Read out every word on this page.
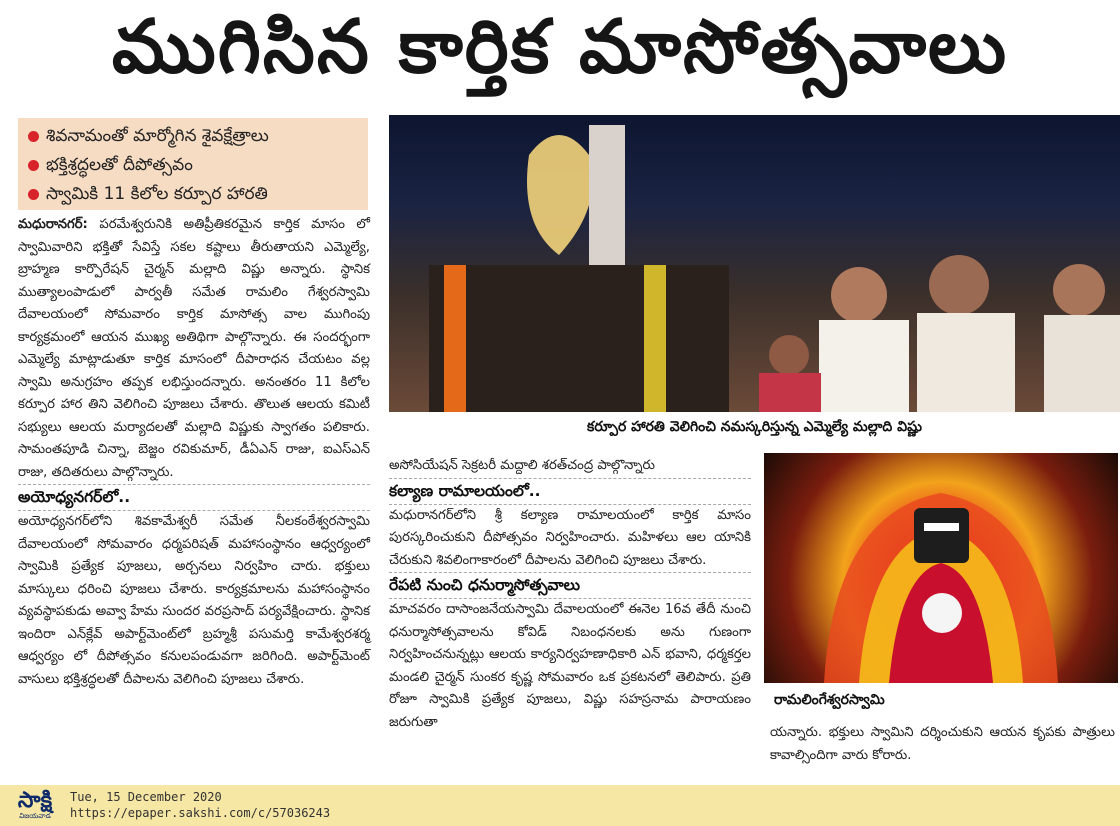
ముగిసిన కార్తిక మాసోత్సవాలు
శివనామంతో మార్మోగిన శైవక్షేత్రాలు
భక్తిశ్రద్ధలతో దీపోత్సవం
స్వామికి 11 కిలోల కర్పూర హారతి
మధురానగర్: పరమేశ్వరునికి అతిప్రీతికరమైన కార్తిక మాసం లో స్వామివారిని భక్తితో సేవిస్తే సకల కష్టాలు తీరుతాయని ఎమ్మెల్యే, బ్రాహ్మణ కార్పొరేషన్ చైర్మన్ మల్లాది విష్ణు అన్నారు. స్థానిక ముత్యాలంపాడులో పార్వతీ సమేత రామలిం గేశ్వరస్వామి దేవాలయంలో సోమవారం కార్తిక మాసోత్స వాల ముగింపు కార్యక్రమంలో ఆయన ముఖ్య అతిథిగా పాల్గొన్నారు. ఈ సందర్భంగా ఎమ్మెల్యే మాట్లాడుతూ కార్తిక మాసంలో దీపారాధన చేయటం వల్ల స్వామి అనుగ్రహం తప్పక లభిస్తుందన్నారు. అనంతరం 11 కిలోల కర్పూర హార తిని వెలిగించి పూజలు చేశారు. తొలుత ఆలయ కమిటీ సభ్యులు ఆలయ మర్యాదలతో మల్లాది విష్ణుకు స్వాగతం పలికారు. సామంతపూడి చిన్నా, బెజ్జం రవికుమార్, డీఏఎన్ రాజు, ఐఎస్ఎన్ రాజు, తదితరులు పాల్గొన్నారు.
అయోధ్యనగర్‌లో..
అయోధ్యనగర్‌లోని శివకామేశ్వరీ సమేత నీలకంఠేశ్వరస్వామి దేవాలయంలో సోమవారం ధర్మపరిషత్ మహాసంస్థానం ఆధ్వర్యంలో స్వామికి ప్రత్యేక పూజలు, అర్చనలు నిర్వహిం చారు. భక్తులు మాస్కులు ధరించి పూజలు చేశారు. కార్యక్రమాలను మహాసంస్థానం వ్యవస్థాపకుడు అవ్వా హేమ సుందర వరప్రసాద్ పర్యవేక్షించారు. స్థానిక ఇందిరా ఎన్‌క్లేవ్ అపార్ట్‌మెంట్‌లో బ్రహ్మశ్రీ పసుమర్తి కామేశ్వరశర్మ ఆధ్వర్యం లో దీపోత్సవం కనులపండువగా జరిగింది. అపార్ట్‌మెంట్ వాసులు భక్తిశ్రద్ధలతో దీపాలను వెలిగించి పూజలు చేశారు.
కర్పూర హారతి వెలిగించి నమస్కరిస్తున్న ఎమ్మెల్యే మల్లాది విష్ణు
అసోసియేషన్ సెక్రటరీ మద్దాలి శరత్‌చంద్ర పాల్గొన్నారు
కల్యాణ రామాలయంలో..
మధురానగర్‌లోని శ్రీ కల్యాణ రామాలయంలో కార్తిక మాసం పురస్కరించుకుని దీపోత్సవం నిర్వహించారు. మహిళలు ఆల యానికి చేరుకుని శివలింగాకారంలో దీపాలను వెలిగించి పూజలు చేశారు.
రేపటి నుంచి ధనుర్మాసోత్సవాలు
మాచవరం దాసాంజనేయస్వామి దేవాలయంలో ఈనెల 16వ తేదీ నుంచి ధనుర్మాసోత్సవాలను కోవిడ్ నిబంధనలకు అను గుణంగా నిర్వహించనున్నట్లు ఆలయ కార్యనిర్వహణాధికారి ఎన్ భవాని, ధర్మకర్తల మండలి చైర్మన్ సుంకర కృష్ణ సోమవారం ఒక ప్రకటనలో తెలిపారు. ప్రతి రోజూ స్వామికి ప్రత్యేక పూజలు, విష్ణు సహస్రనామ పారాయణం జరుగుతా
రామలింగేశ్వరస్వామి
యన్నారు. భక్తులు స్వామిని దర్శించుకుని ఆయన కృపకు పాత్రులు కావాల్సిందిగా వారు కోరారు.
సాక్షి
విజయవాడ
Tue, 15 December 2020
https://epaper.sakshi.com/c/57036243
